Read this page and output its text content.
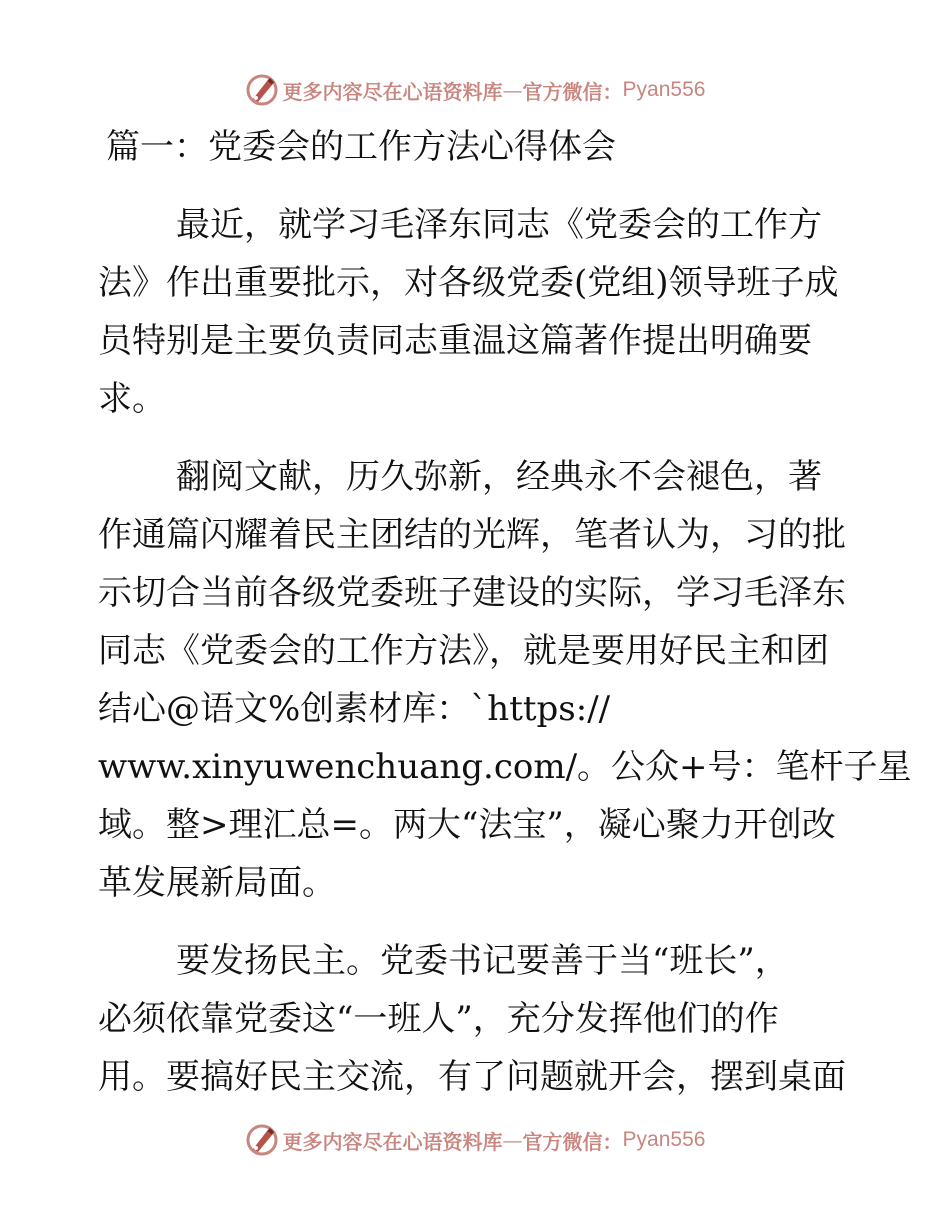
更多内容尽在心语资料库 — 官方微信： Pyan556
篇一：党委会的工作方法心得体会

最近，就学习毛泽东同志《党委会的工作方
法》作出重要批示，对各级党委(党组)领导班子成
员特别是主要负责同志重温这篇著作提出明确要
求。

翻阅文献，历久弥新，经典永不会褪色，著
作通篇闪耀着民主团结的光辉，笔者认为，习的批
示切合当前各级党委班子建设的实际，学习毛泽东
同志《党委会的工作方法》，就是要用好民主和团
结心@语文%创素材库：`https://
www.xinyuwenchuang.com/。公众+号：笔杆子星
域。整>理汇总=。两大“法宝”，凝心聚力开创改
革发展新局面。

要发扬民主。党委书记要善于当“班长”，
必须依靠党委这“一班人”，充分发挥他们的作
用。要搞好民主交流，有了问题就开会，摆到桌面

更多内容尽在心语资料库 — 官方微信： Pyan556
